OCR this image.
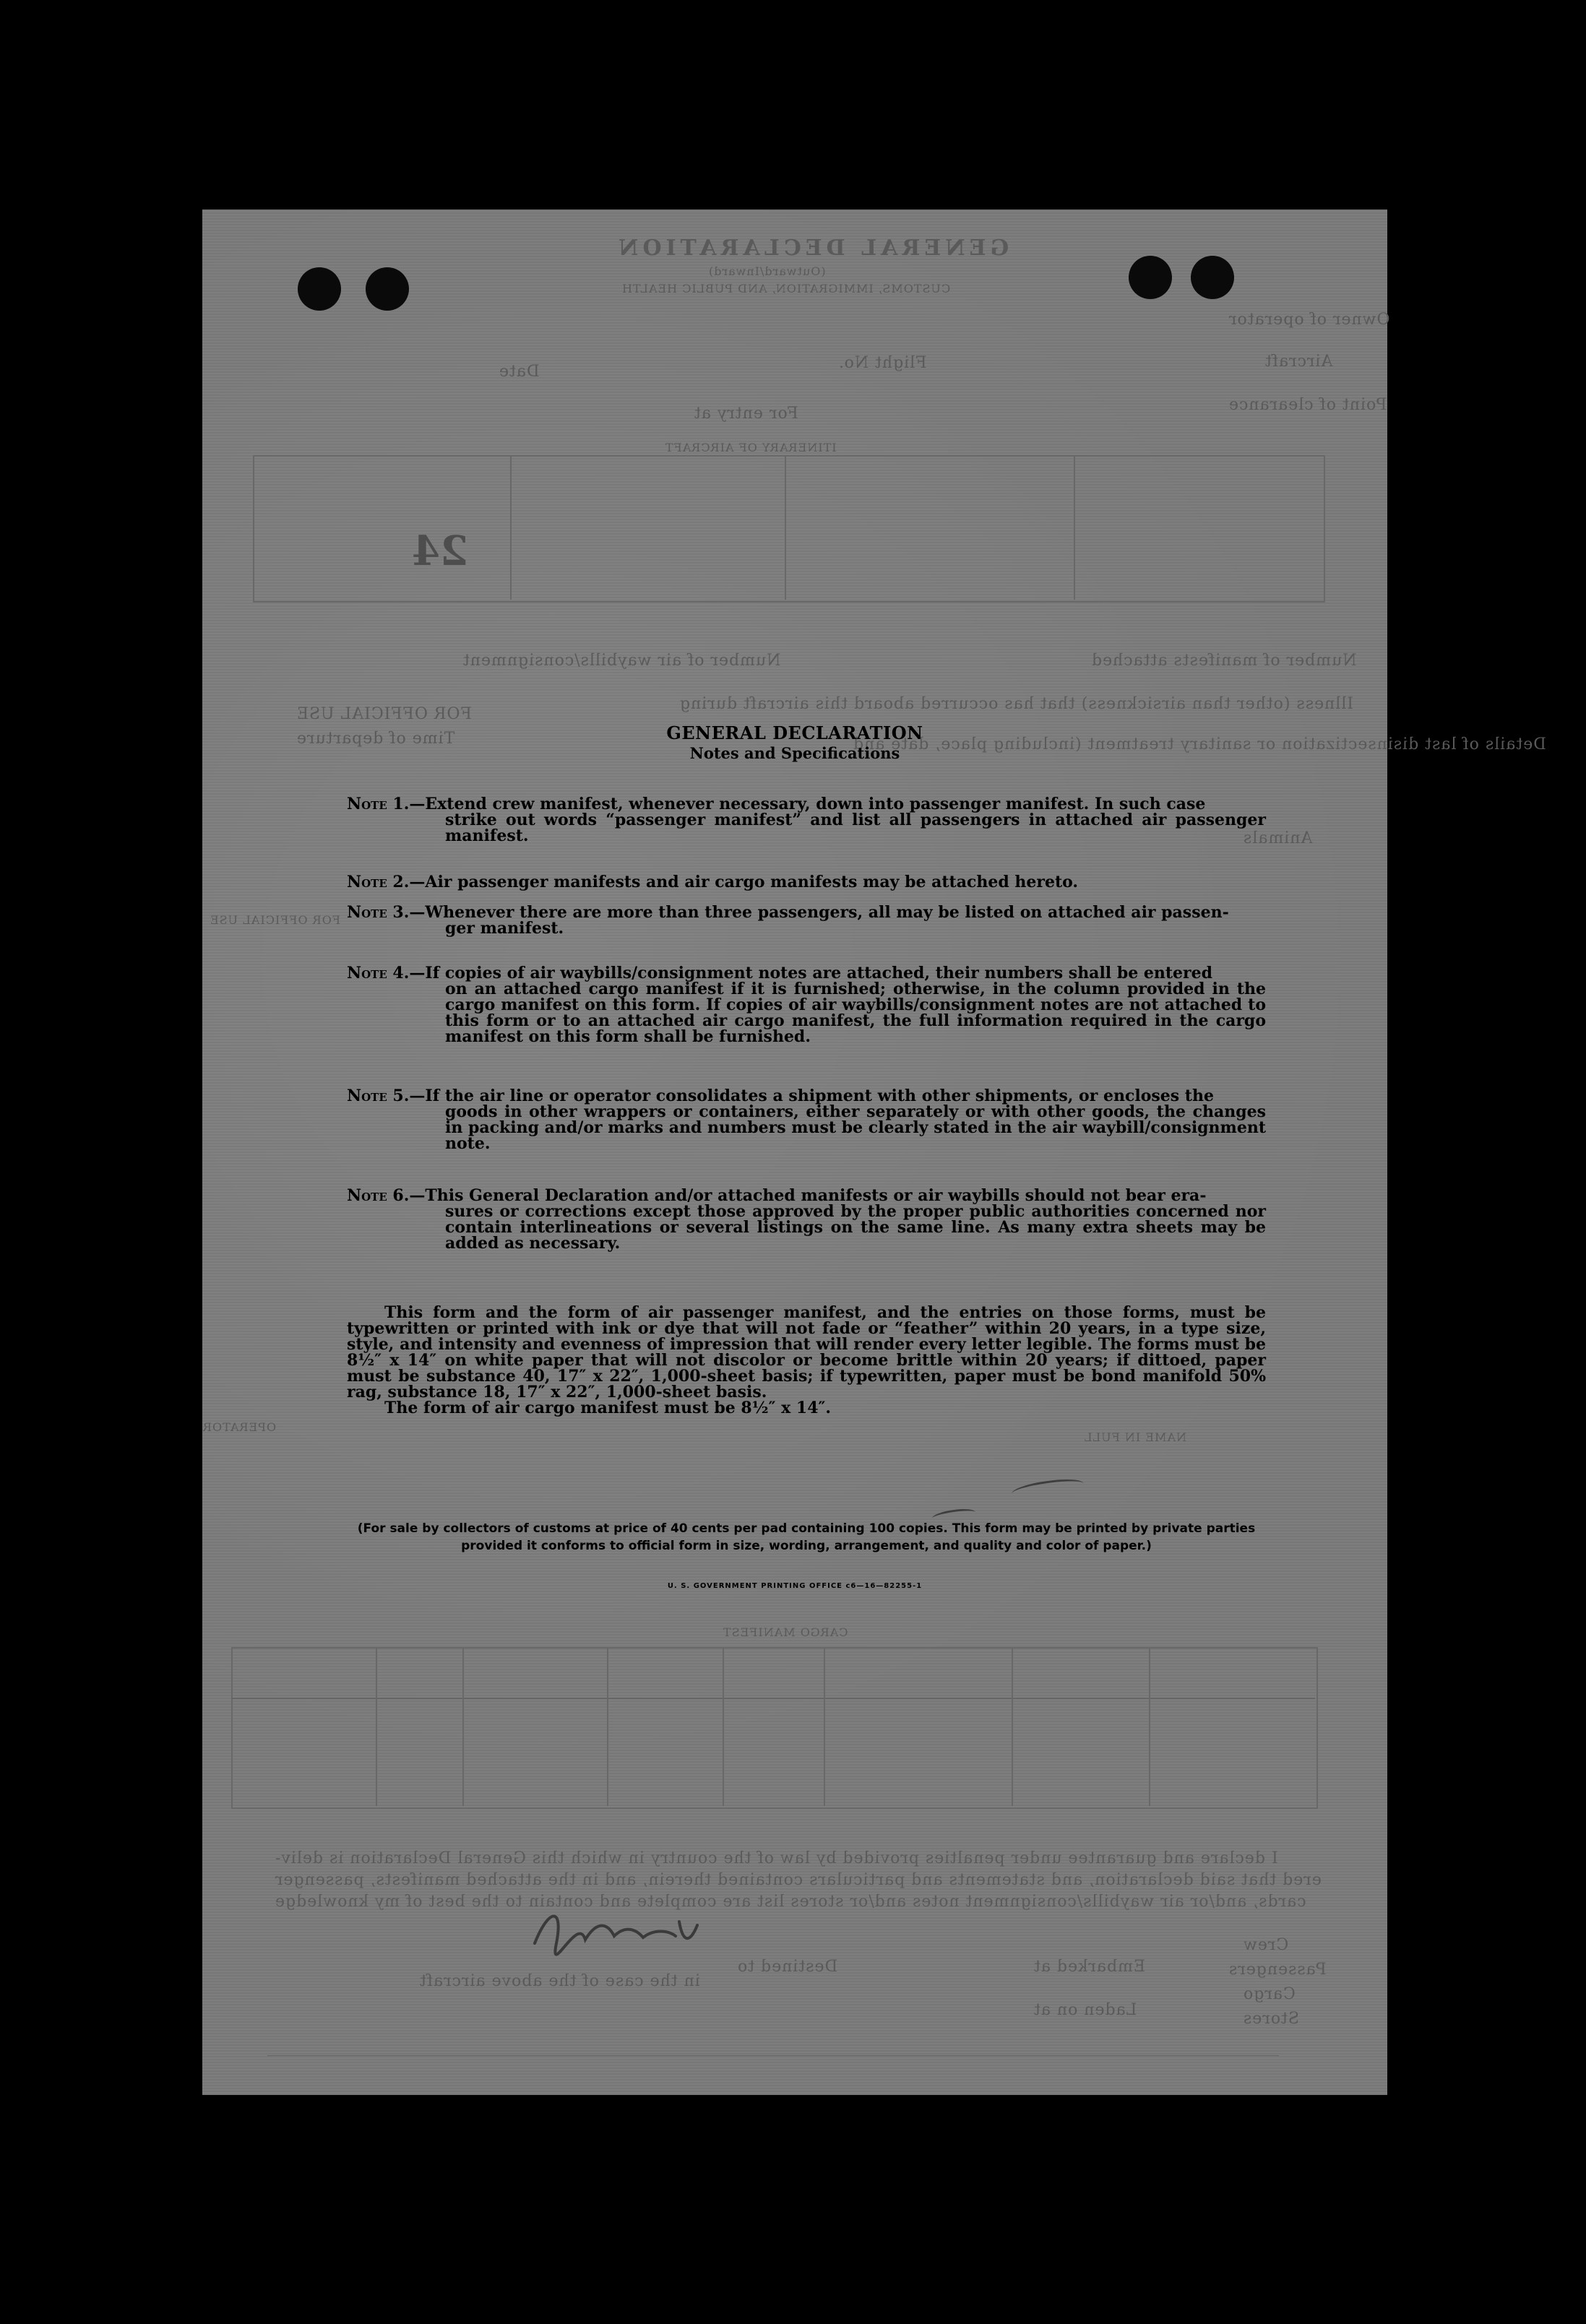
GENERAL DECLARATION
(Outward/Inward)
CUSTOMS, IMMIGRATION, AND PUBLIC HEALTH
Owner of operator
Aircraft
Point of clearance
Flight No.
Date
For entry at
ITINERARY OF AIRCRAFT
24
Number of manifests attached
Number of air waybills/consignment
Illness (other than airsickness) that has occurred aboard this aircraft during
Details of last disinsectization or sanitary treatment (including place, date and
FOR OFFICIAL USE
Time of departure
Animals
FOR OFFICIAL USE
OPERATOR
NAME IN FULL
CARGO MANIFEST
I declare and guarantee under penalties provided by law of the country in which this General Declaration is deliv-
ered that said declaration, and statements and particulars contained therein, and in the attached manifests, passenger
cards, and/or air waybills/consignment notes and/or stores list are complete and contain to the best of my knowledge
Embarked at
Laden on at
Destined to
in the case of the above aircraft
Crew
Passengers
Cargo
Stores
GENERAL DECLARATION
Notes and Specifications
Note 1.—Extend crew manifest, whenever necessary, down into passenger manifest. In such case
strike out words “passenger manifest” and list all passengers in attached air passenger manifest.
Note 2.—Air passenger manifests and air cargo manifests may be attached hereto.
Note 3.—Whenever there are more than three passengers, all may be listed on attached air passen-
ger manifest.
Note 4.—If copies of air waybills/consignment notes are attached, their numbers shall be entered
on an attached cargo manifest if it is furnished; otherwise, in the column provided in the cargo manifest on this form. If copies of air waybills/consignment notes are not attached to this form or to an attached air cargo manifest, the full information required in the cargo manifest on this form shall be furnished.
Note 5.—If the air line or operator consolidates a shipment with other shipments, or encloses the
goods in other wrappers or containers, either separately or with other goods, the changes in packing and/or marks and numbers must be clearly stated in the air waybill/consignment note.
Note 6.—This General Declaration and/or attached manifests or air waybills should not bear era-
sures or corrections except those approved by the proper public authorities concerned nor contain interlineations or several listings on the same line. As many extra sheets may be added as necessary.
This form and the form of air passenger manifest, and the entries on those forms, must be typewritten or printed with ink or dye that will not fade or “feather” within 20 years, in a type size, style, and intensity and evenness of impression that will render every letter legible. The forms must be 8½″ x 14″ on white paper that will not discolor or become brittle within 20 years; if dittoed, paper must be substance 40, 17″ x 22″, 1,000-sheet basis; if typewritten, paper must be bond manifold 50% rag, substance 18, 17″ x 22″, 1,000-sheet basis.
The form of air cargo manifest must be 8½″ x 14″.
(For sale by collectors of customs at price of 40 cents per pad containing 100 copies. This form may be printed by private parties provided it conforms to official form in size, wording, arrangement, and quality and color of paper.)
U. S. GOVERNMENT PRINTING OFFICE c6—16—82255-1
